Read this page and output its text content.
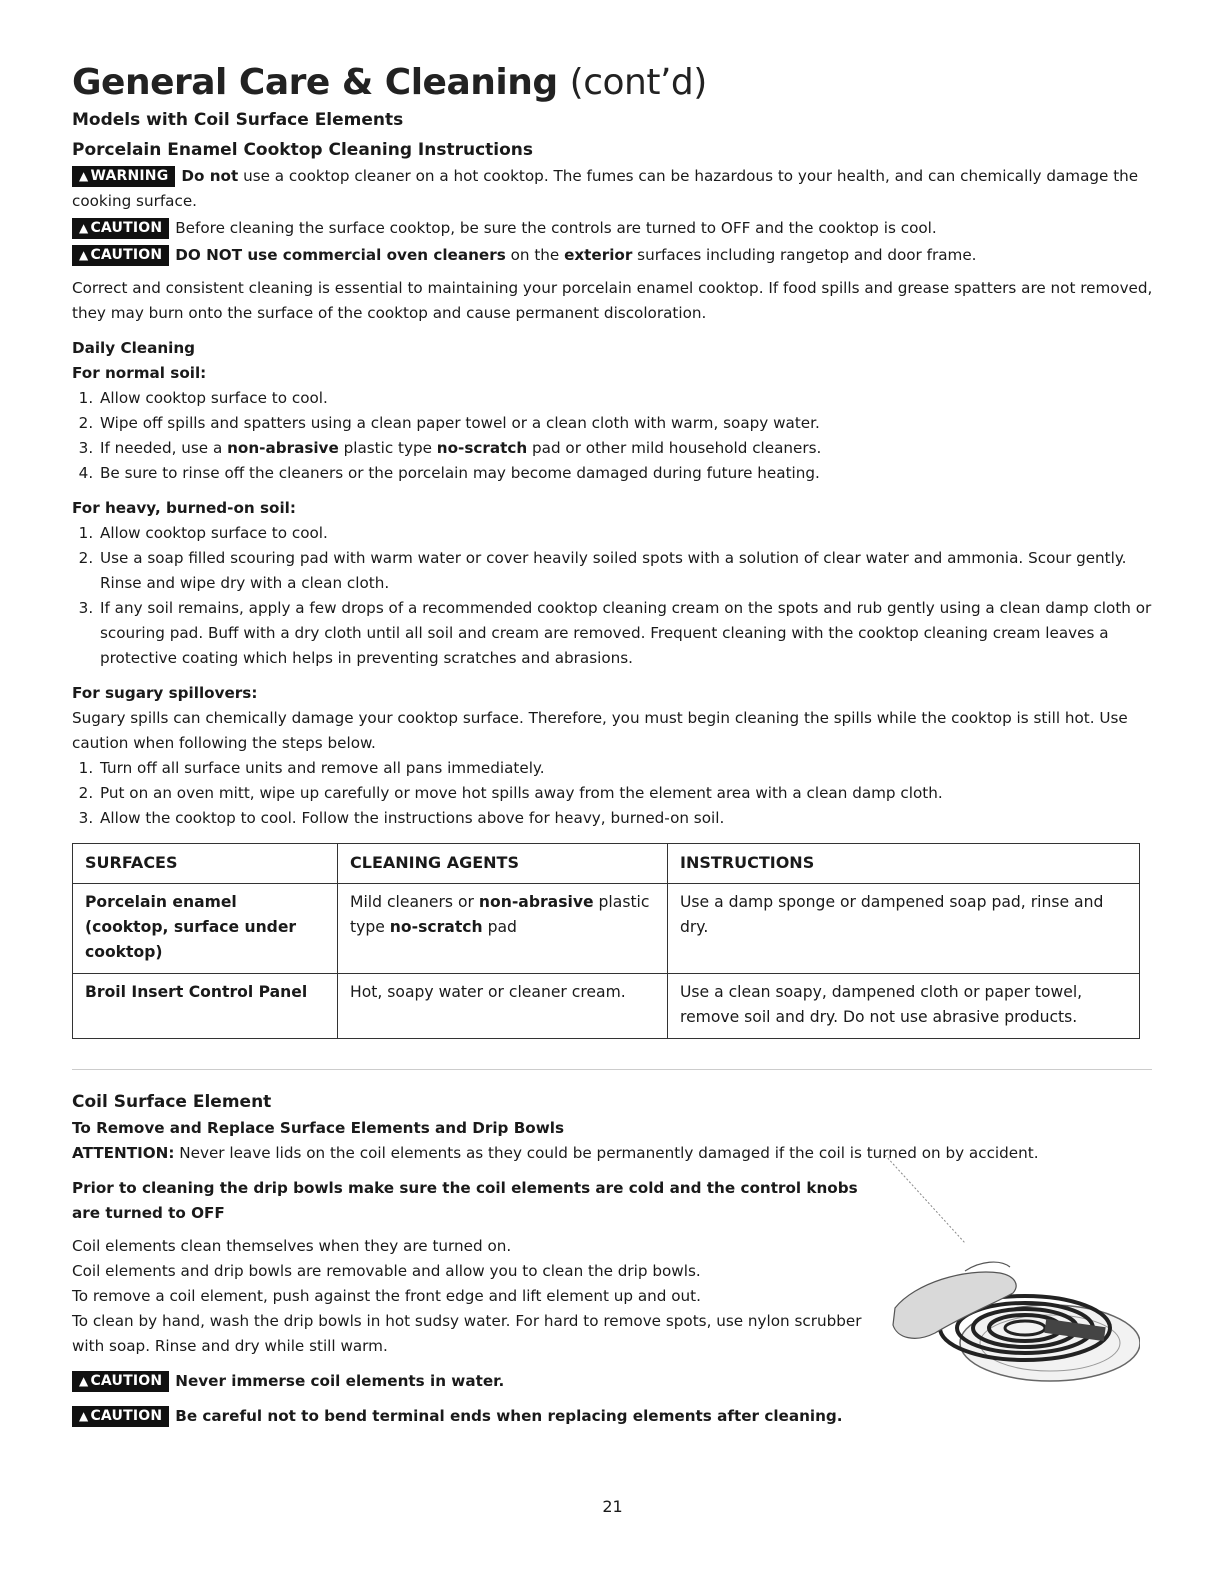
General Care & Cleaning (cont’d)
Models with Coil Surface Elements
Porcelain Enamel Cooktop Cleaning Instructions
▲ WARNING Do not use a cooktop cleaner on a hot cooktop. The fumes can be hazardous to your health, and can chemically damage the cooking surface.
▲ CAUTION Before cleaning the surface cooktop, be sure the controls are turned to OFF and the cooktop is cool.
▲ CAUTION DO NOT use commercial oven cleaners on the exterior surfaces including rangetop and door frame.

Correct and consistent cleaning is essential to maintaining your porcelain enamel cooktop. If food spills and grease spatters are not removed, they may burn onto the surface of the cooktop and cause permanent discoloration.

Daily Cleaning
For normal soil:
1. Allow cooktop surface to cool.
2. Wipe off spills and spatters using a clean paper towel or a clean cloth with warm, soapy water.
3. If needed, use a non-abrasive plastic type no-scratch pad or other mild household cleaners.
4. Be sure to rinse off the cleaners or the porcelain may become damaged during future heating.
For heavy, burned-on soil:
1. Allow cooktop surface to cool.
2. Use a soap filled scouring pad with warm water or cover heavily soiled spots with a solution of clear water and ammonia. Scour gently. Rinse and wipe dry with a clean cloth.
3. If any soil remains, apply a few drops of a recommended cooktop cleaning cream on the spots and rub gently using a clean damp cloth or scouring pad. Buff with a dry cloth until all soil and cream are removed. Frequent cleaning with the cooktop cleaning cream leaves a protective coating which helps in preventing scratches and abrasions.
For sugary spillovers:

Sugary spills can chemically damage your cooktop surface. Therefore, you must begin cleaning the spills while the cooktop is still hot. Use caution when following the steps below.

1. Turn off all surface units and remove all pans immediately.
2. Put on an oven mitt, wipe up carefully or move hot spills away from the element area with a clean damp cloth.
3. Allow the cooktop to cool. Follow the instructions above for heavy, burned-on soil.
SURFACES	CLEANING AGENTS	INSTRUCTIONS
Porcelain enamel (cooktop, surface under cooktop)	Mild cleaners or non-abrasive plastic type no-scratch pad	Use a damp sponge or dampened soap pad, rinse and dry.
Broil Insert Control Panel	Hot, soapy water or cleaner cream.	Use a clean soapy, dampened cloth or paper towel, remove soil and dry. Do not use abrasive products.
Coil Surface Element
To Remove and Replace Surface Elements and Drip Bowls

ATTENTION: Never leave lids on the coil elements as they could be permanently damaged if the coil is turned on by accident.

Prior to cleaning the drip bowls make sure the coil elements are cold and the control knobs are turned to OFF

Coil elements clean themselves when they are turned on.

Coil elements and drip bowls are removable and allow you to clean the drip bowls.

To remove a coil element, push against the front edge and lift element up and out.

To clean by hand, wash the drip bowls in hot sudsy water. For hard to remove spots, use nylon scrubber with soap. Rinse and dry while still warm.

▲ CAUTION Never immerse coil elements in water.
▲ CAUTION Be careful not to bend terminal ends when replacing elements after cleaning.
21
